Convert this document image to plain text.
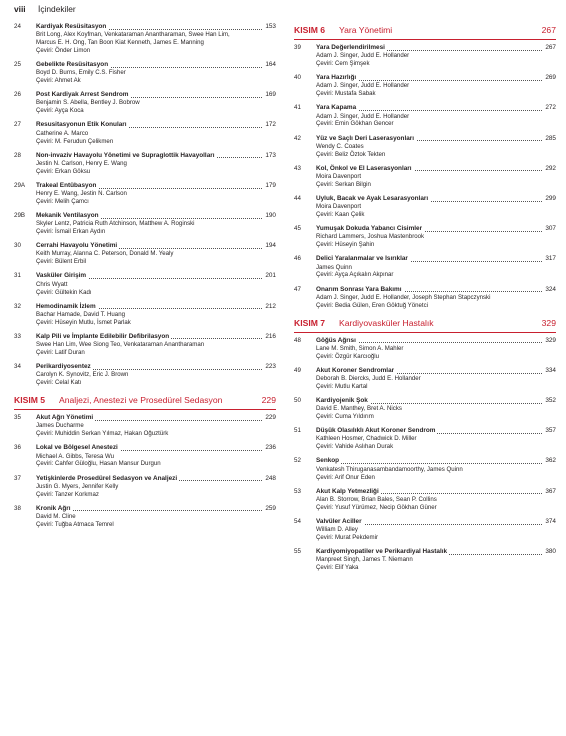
viii İçindekiler
24	Kardiyak Resüsitasyon	153
Brit Long, Alex Koyfman, Venkataraman Anantharaman, Swee Han Lim,
Marcus E. H. Ong, Tan Boon Kiat Kenneth, James E. Manning
Çeviri: Önder Limon
25	Gebelikte Resüsitasyon	164
Boyd D. Burns, Emily C.S. Fisher
Çeviri: Ahmet Ak
26	Post Kardiyak Arrest Sendrom	169
Benjamin S. Abella, Bentley J. Bobrow
Çeviri: Ayça Koca
27	Resusitasyonun Etik Konuları	172
Catherine A. Marco
Çeviri: M. Ferudun Çelikmen
28	Non-invaziv Havayolu Yönetimi ve Supraglottik Havayolları	173
Jestin N. Carlson, Henry E. Wang
Çeviri: Erkan Göksu
29A	Trakeal Entübasyon	179
Henry E. Wang, Jestin N. Carlson
Çeviri: Melih Çamcı
29B	Mekanik Ventilasyon	190
Skyler Lentz, Patricia Ruth Atchinson, Matthew A. Roginski
Çeviri: İsmail Erkan Aydın
30	Cerrahi Havayolu Yönetimi	194
Keith Murray, Alanna C. Peterson, Donald M. Yealy
Çeviri: Bülent Erbil
31	Vasküler Girişim	201
Chris Wyatt
Çeviri: Gültekin Kadı
32	Hemodinamik İzlem	212
Bachar Hamade, David T. Huang
Çeviri: Hüseyin Mutlu, İsmet Parlak
33	Kalp Pili ve İmplante Edilebilir Defibrilasyon	216
Swee Han Lim, Wee Siong Teo, Venkataraman Anantharaman
Çeviri: Latif Duran
34	Perikardiyosentez	223
Carolyn K. Synovitz, Eric J. Brown
Çeviri: Celal Katı
KISIM 5 Analjezi, Anestezi ve Prosedürel Sedasyon	229
35	Akut Ağrı Yönetimi	229
James Ducharme
Çeviri: Muhiddin Serkan Yılmaz, Hakan Oğuztürk
36	Lokal ve Bölgesel Anestezi	236
Michael A. Gibbs, Teresa Wu
Çeviri: Cahfer Güloğlu, Hasan Mansur Durgun
37	Yetişkinlerde Prosedürel Sedasyon ve Analjezi	248
Justin G. Myers, Jennifer Kelly
Çeviri: Tanzer Korkmaz
38	Kronik Ağrı	259
David M. Cline
Çeviri: Tuğba Atmaca Temrel
KISIM 6 Yara Yönetimi	267
39	Yara Değerlendirilmesi	267
Adam J. Singer, Judd E. Hollander
Çeviri: Cem Şimşek
40	Yara Hazırlığı	269
Adam J. Singer, Judd E. Hollander
Çeviri: Mustafa Sabak
41	Yara Kapama	272
Adam J. Singer, Judd E. Hollander
Çeviri: Emin Gökhan Gencer
42	Yüz ve Saçlı Deri Laserasyonları	285
Wendy C. Coates
Çeviri: Beliz Öztok Tekten
43	Kol, Önkol ve El Laserasyonları	292
Moira Davenport
Çeviri: Serkan Bilgin
44	Uyluk, Bacak ve Ayak Lesarasyonları	299
Moira Davenport
Çeviri: Kaan Çelik
45	Yumuşak Dokuda Yabancı Cisimler	307
Richard Lammers, Joshua Mastenbrook
Çeviri: Hüseyin Şahin
46	Delici Yaralanmalar ve Isırıklar	317
James Quinn
Çeviri: Ayça Açıkalın Akpınar
47	Onarım Sonrası Yara Bakımı	324
Adam J. Singer, Judd E. Hollander, Joseph Stephan Stapczynski
Çeviri: Bedia Gülen, Eren Göktuğ Yönetci
KISIM 7 Kardiyovasküler Hastalık	329
48	Göğüs Ağrısı	329
Lane M. Smith, Simon A. Mahler
Çeviri: Özgür Karcıoğlu
49	Akut Koroner Sendromlar	334
Deborah B. Diercks, Judd E. Hollander
Çeviri: Mutlu Kartal
50	Kardiyojenik Şok	352
David E. Manthey, Bret A. Nicks
Çeviri: Cuma Yıldırım
51	Düşük Olasılıklı Akut Koroner Sendrom	357
Kathleen Hosmer, Chadwick D. Miller
Çeviri: Vahide Aslıhan Durak
52	Senkop	362
Venkatesh Thiruganasambandamoorthy, James Quinn
Çeviri: Arif Onur Eden
53	Akut Kalp Yetmezliği	367
Alan B. Storrow, Brian Bales, Sean P. Collins
Çeviri: Yusuf Yürümez, Necip Gökhan Güner
54	Valvüler Aciller	374
William D. Alley
Çeviri: Murat Pekdemir
55	Kardiyomiyopatiler ve Perikardiyal Hastalık	380
Manpreet Singh, James T. Niemann
Çeviri: Elif Yaka
